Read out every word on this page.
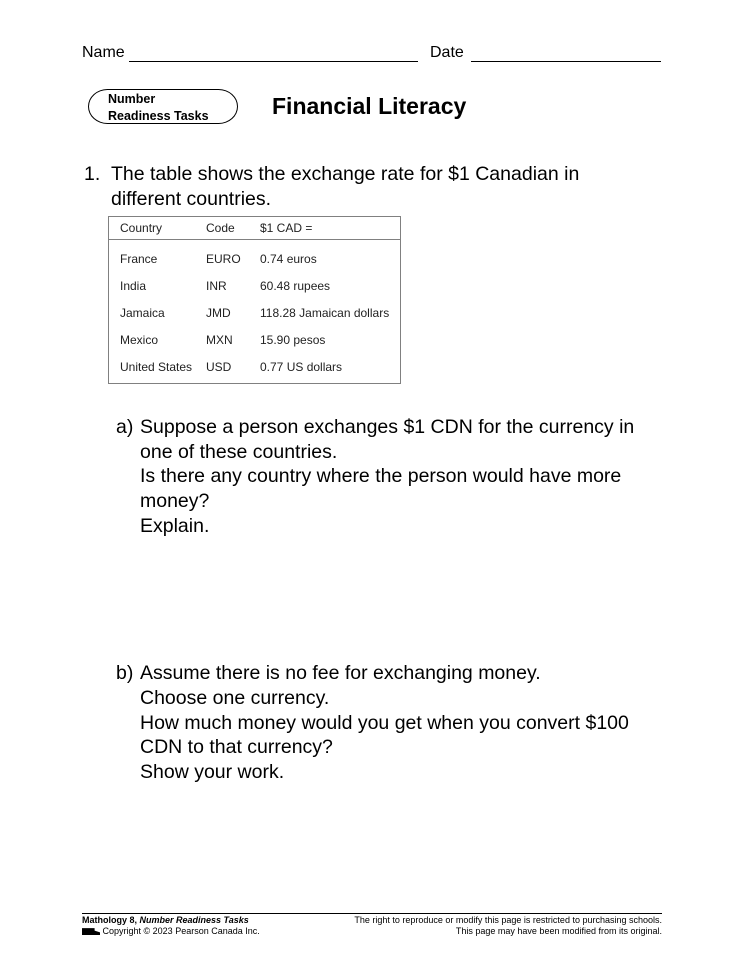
Name	Date
Number
Readiness Tasks	Financial Literacy
1. The table shows the exchange rate for $1 Canadian in
different countries.
Country	Code $1 CAD =
France	EURO 0.74 euros
India	INR	60.48 rupees
Jamaica	JMD 118.28 Jamaican dollars
Mexico	MXN 15.90 pesos
United States USD 0.77 US dollars
a) Suppose a person exchanges $1 CDN for the currency in
one of these countries.
Is there any country where the person would have more
money?
Explain.
b) Assume there is no fee for exchanging money.
Choose one currency.
How much money would you get when you convert $100
CDN to that currency?
Show your work.
Mathology 8, Number Readiness Tasks
Copyright © 2023 Pearson Canada Inc.
The right to reproduce or modify this page is restricted to purchasing schools.
This page may have been modified from its original.
